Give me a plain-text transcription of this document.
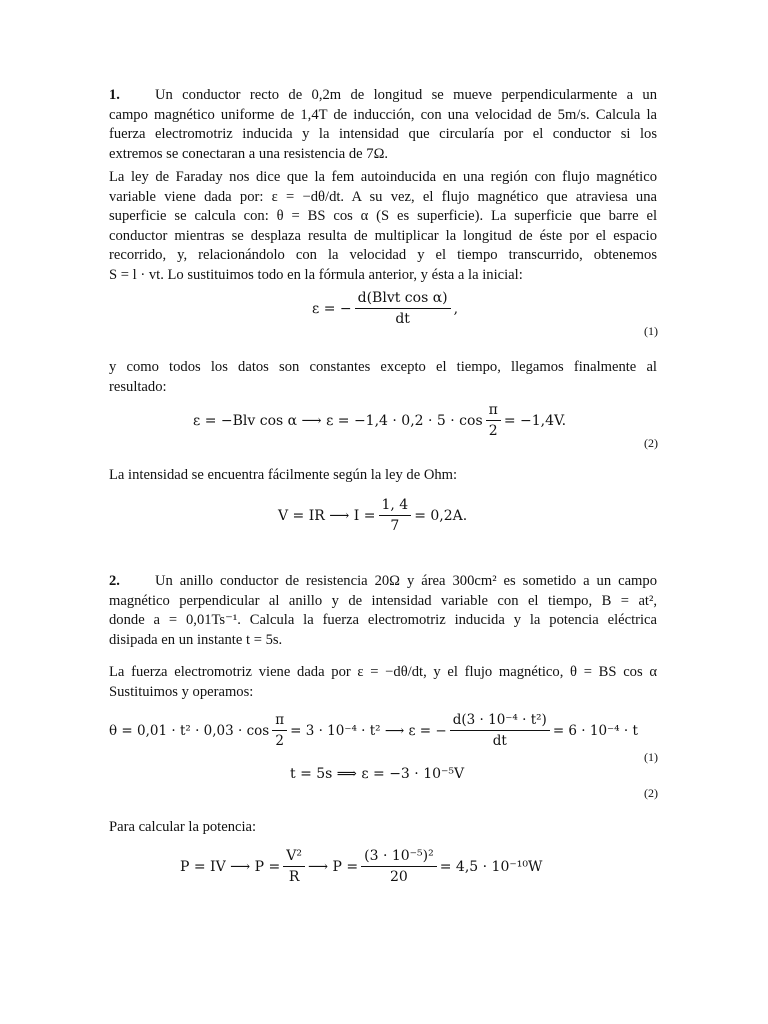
1. Un conductor recto de 0,2m de longitud se mueve perpendicularmente a un
campo magnético uniforme de 1,4T de inducción, con una velocidad de 5m/s. Calcula la
fuerza electromotriz inducida y la intensidad que circularía por el conductor si los
extremos se conectaran a una resistencia de 7Ω.
La ley de Faraday nos dice que la fem autoinducida en una región con flujo magnético
variable viene dada por: ε = −dθ/dt. A su vez, el flujo magnético que atraviesa una
superficie se calcula con: θ = BS cos α (S es superficie). La superficie que barre el
conductor mientras se desplaza resulta de multiplicar la longitud de éste por el espacio
recorrido, y, relacionándolo con la velocidad y el tiempo transcurrido, obtenemos
S = l · vt. Lo sustituimos todo en la fórmula anterior, y ésta a la inicial:
ε = − $\frac{\text{d(Blvt cos α)}}{dt}$ ,
(1)
y como todos los datos son constantes excepto el tiempo, llegamos finalmente al
resultado:
ε = −Blv cos α ⟶ $\varepsilon = -1,4 \cdot 0,2 \cdot 5 \cdot \cos \frac{\pi}{2} = -1,4V$.
(2)
La intensidad se encuentra fácilmente según la ley de Ohm:
V = IR ⟶ $I = \frac{1, 4}{7} = 0,2A$.
2. Un anillo conductor de resistencia 20Ω y área 300cm² es sometido a un campo
magnético perpendicular al anillo y de intensidad variable con el tiempo, B = at²,
donde a = 0,01Ts⁻¹. Calcula la fuerza electromotriz inducida y la potencia eléctrica
disipada en un instante t = 5s.
La fuerza electromotriz viene dada por ε = −dθ/dt, y el flujo magnético, θ = BS cos α
Sustituimos y operamos:
$\theta = 0,01 \cdot t^2 \cdot 0,03 \cdot \cos \frac{\pi}{2} = 3 \cdot 10^{-4} \cdot t^2$ ⟶ ε = − $\frac{\text{d(3 · 10⁻⁴ · t²)}}{dt} = 6 \cdot 10^{-4} \cdot t$
(1)
t = 5s ⟹ ε = −3 · 10⁻⁵V
(2)
Para calcular la potencia:
P = IV ⟶ $P = \frac{\text{V²}}{R}$ ⟶ $P = \frac{\text{(3 · 10⁻⁵)²}}{20} = 4,5 \cdot 10^{-10}W$
